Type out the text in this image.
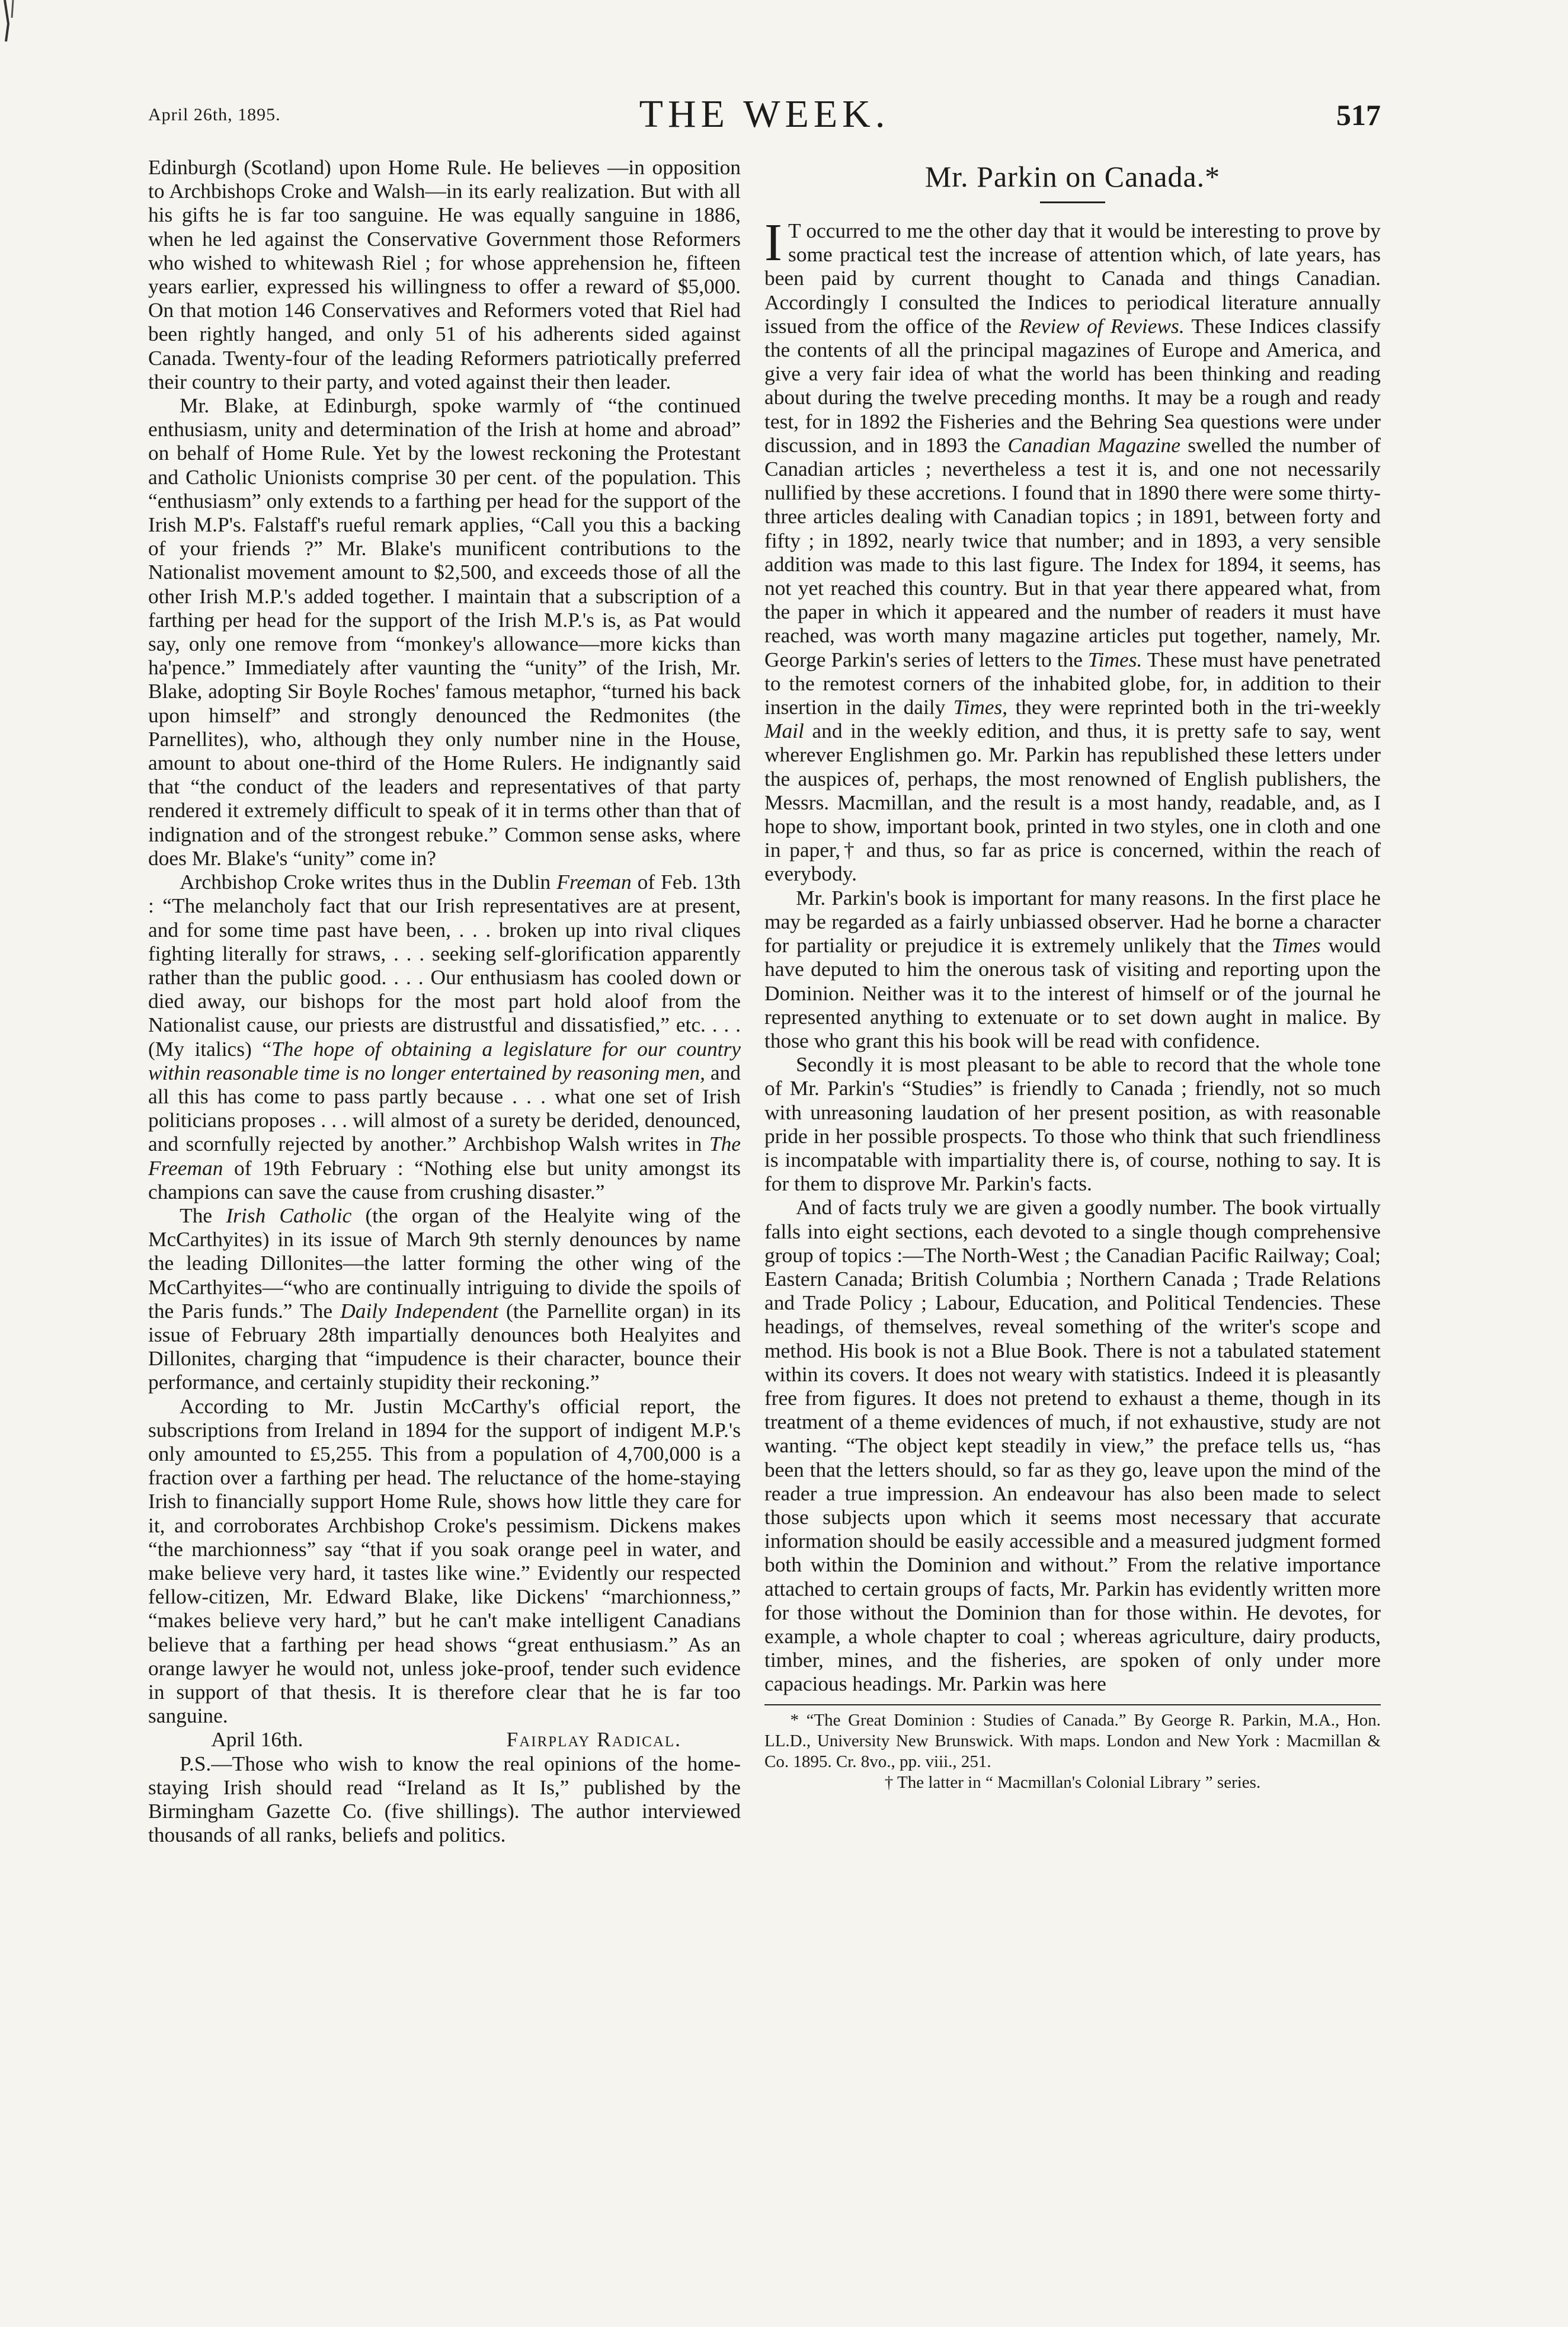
April 26th, 1895.	THE WEEK.	517

Edinburgh (Scotland) upon Home Rule. He believes —in opposition to Archbishops Croke and Walsh—in its early realization. But with all his gifts he is far too sanguine. He was equally sanguine in 1886, when he led against the Conservative Government those Reformers who wished to whitewash Riel ; for whose apprehension he, fifteen years earlier, expressed his willingness to offer a reward of $5,000. On that motion 146 Conservatives and Reformers voted that Riel had been rightly hanged, and only 51 of his adherents sided against Canada. Twenty-four of the leading Reformers patriotically preferred their country to their party, and voted against their then leader.

Mr. Blake, at Edinburgh, spoke warmly of “the continued enthusiasm, unity and determination of the Irish at home and abroad” on behalf of Home Rule. Yet by the lowest reckoning the Protestant and Catholic Unionists comprise 30 per cent. of the population. This “enthusiasm” only extends to a farthing per head for the support of the Irish M.P's. Falstaff's rueful remark applies, “Call you this a backing of your friends ?” Mr. Blake's munificent contributions to the Nationalist movement amount to $2,500, and exceeds those of all the other Irish M.P.'s added together. I maintain that a subscription of a farthing per head for the support of the Irish M.P.'s is, as Pat would say, only one remove from “monkey's allowance—more kicks than ha'pence.” Immediately after vaunting the “unity” of the Irish, Mr. Blake, adopting Sir Boyle Roches' famous metaphor, “turned his back upon himself” and strongly denounced the Redmonites (the Parnellites), who, although they only number nine in the House, amount to about one-third of the Home Rulers. He indignantly said that “the conduct of the leaders and representatives of that party rendered it extremely difficult to speak of it in terms other than that of indignation and of the strongest rebuke.” Common sense asks, where does Mr. Blake's “unity” come in?

Archbishop Croke writes thus in the Dublin Freeman of Feb. 13th : “The melancholy fact that our Irish representatives are at present, and for some time past have been, . . . broken up into rival cliques fighting literally for straws, . . . seeking self-glorification apparently rather than the public good. . . . Our enthusiasm has cooled down or died away, our bishops for the most part hold aloof from the Nationalist cause, our priests are distrustful and dissatisfied,” etc. . . . (My italics) “The hope of obtaining a legislature for our country within reasonable time is no longer entertained by reasoning men, and all this has come to pass partly because . . . what one set of Irish politicians proposes . . . will almost of a surety be derided, denounced, and scornfully rejected by another.” Archbishop Walsh writes in The Freeman of 19th February : “Nothing else but unity amongst its champions can save the cause from crushing disaster.”

The Irish Catholic (the organ of the Healyite wing of the McCarthyites) in its issue of March 9th sternly denounces by name the leading Dillonites—the latter forming the other wing of the McCarthyites—“who are continually intriguing to divide the spoils of the Paris funds.” The Daily Independent (the Parnellite organ) in its issue of February 28th impartially denounces both Healyites and Dillonites, charging that “impudence is their character, bounce their performance, and certainly stupidity their reckoning.”

According to Mr. Justin McCarthy's official report, the subscriptions from Ireland in 1894 for the support of indigent M.P.'s only amounted to £5,255. This from a population of 4,700,000 is a fraction over a farthing per head. The reluctance of the home-staying Irish to financially support Home Rule, shows how little they care for it, and corroborates Archbishop Croke's pessimism. Dickens makes “the marchionness” say “that if you soak orange peel in water, and make believe very hard, it tastes like wine.” Evidently our respected fellow-citizen, Mr. Edward Blake, like Dickens' “marchionness,” “makes believe very hard,” but he can't make intelligent Canadians believe that a farthing per head shows “great enthusiasm.” As an orange lawyer he would not, unless joke-proof, tender such evidence in support of that thesis. It is therefore clear that he is far too sanguine.

April 16th.	Fairplay Radical.

P.S.—Those who wish to know the real opinions of the home-staying Irish should read “Ireland as It Is,” published by the Birmingham Gazette Co. (five shillings). The author interviewed thousands of all ranks, beliefs and politics.

Mr. Parkin on Canada.*

I T occurred to me the other day that it would be interesting to prove by some practical test the increase of attention which, of late years, has been paid by current thought to Canada and things Canadian. Accordingly I consulted the Indices to periodical literature annually issued from the office of the Review of Reviews. These Indices classify the contents of all the principal magazines of Europe and America, and give a very fair idea of what the world has been thinking and reading about during the twelve preceding months. It may be a rough and ready test, for in 1892 the Fisheries and the Behring Sea questions were under discussion, and in 1893 the Canadian Magazine swelled the number of Canadian articles ; nevertheless a test it is, and one not necessarily nullified by these accretions. I found that in 1890 there were some thirty-three articles dealing with Canadian topics ; in 1891, between forty and fifty ; in 1892, nearly twice that number; and in 1893, a very sensible addition was made to this last figure. The Index for 1894, it seems, has not yet reached this country. But in that year there appeared what, from the paper in which it appeared and the number of readers it must have reached, was worth many magazine articles put together, namely, Mr. George Parkin's series of letters to the Times. These must have penetrated to the remotest corners of the inhabited globe, for, in addition to their insertion in the daily Times, they were reprinted both in the tri-weekly Mail and in the weekly edition, and thus, it is pretty safe to say, went wherever Englishmen go. Mr. Parkin has republished these letters under the auspices of, perhaps, the most renowned of English publishers, the Messrs. Macmillan, and the result is a most handy, readable, and, as I hope to show, important book, printed in two styles, one in cloth and one in paper,† and thus, so far as price is concerned, within the reach of everybody.

Mr. Parkin's book is important for many reasons. In the first place he may be regarded as a fairly unbiassed observer. Had he borne a character for partiality or prejudice it is extremely unlikely that the Times would have deputed to him the onerous task of visiting and reporting upon the Dominion. Neither was it to the interest of himself or of the journal he represented anything to extenuate or to set down aught in malice. By those who grant this his book will be read with confidence.

Secondly it is most pleasant to be able to record that the whole tone of Mr. Parkin's “Studies” is friendly to Canada ; friendly, not so much with unreasoning laudation of her present position, as with reasonable pride in her possible prospects. To those who think that such friendliness is incompatable with impartiality there is, of course, nothing to say. It is for them to disprove Mr. Parkin's facts.

And of facts truly we are given a goodly number. The book virtually falls into eight sections, each devoted to a single though comprehensive group of topics :—The North-West ; the Canadian Pacific Railway; Coal; Eastern Canada; British Columbia ; Northern Canada ; Trade Relations and Trade Policy ; Labour, Education, and Political Tendencies. These headings, of themselves, reveal something of the writer's scope and method. His book is not a Blue Book. There is not a tabulated statement within its covers. It does not weary with statistics. Indeed it is pleasantly free from figures. It does not pretend to exhaust a theme, though in its treatment of a theme evidences of much, if not exhaustive, study are not wanting. “The object kept steadily in view,” the preface tells us, “has been that the letters should, so far as they go, leave upon the mind of the reader a true impression. An endeavour has also been made to select those subjects upon which it seems most necessary that accurate information should be easily accessible and a measured judgment formed both within the Dominion and without.” From the relative importance attached to certain groups of facts, Mr. Parkin has evidently written more for those without the Dominion than for those within. He devotes, for example, a whole chapter to coal ; whereas agriculture, dairy products, timber, mines, and the fisheries, are spoken of only under more capacious headings. Mr. Parkin was here

* “The Great Dominion : Studies of Canada.” By George R. Parkin, M.A., Hon. LL.D., University New Brunswick. With maps. London and New York : Macmillan & Co. 1895. Cr. 8vo., pp. viii., 251.

† The latter in “ Macmillan's Colonial Library ” series.
